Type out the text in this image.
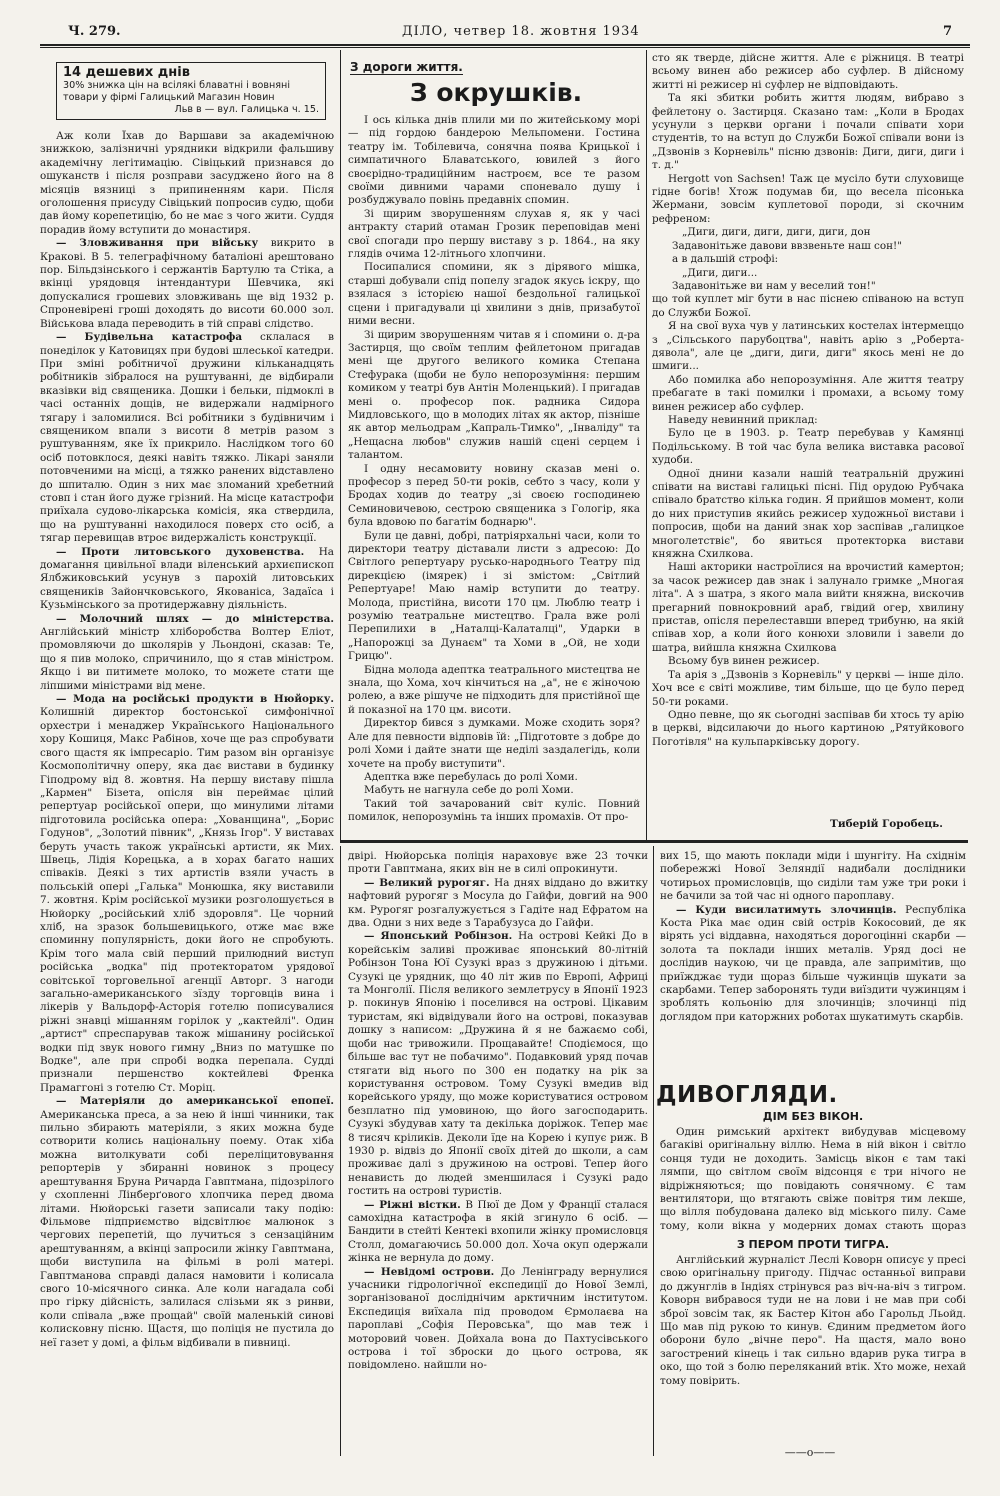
Ч. 279.	ДІЛО, четвер 18. жовтня 1934	7
14 дешевих днів
30% знижка цін на всілякі блаватні і вовняні
товари у фірмі Галицький Магазин Новин
Льв в — вул. Галицька ч. 15.

Аж коли Їхав до Варшави за академічною знижкою, залізничні урядники відкрили фальшиву академічну легітимацію. Сівіцький признався до ошуканств і після розправи засуджено його на 8 місяців вязниці з припиненням кари. Після оголошення присуду Сівіцький попросив судю, щоби дав йому корепетицію, бо не має з чого жити. Суддя порадив йому вступити до монастиря.

— Зловживання при війську викрито в Кракові. В 5. телеграфічному баталіоні арештовано пор. Більдзінського і сержантів Бартулю та Стіка, а вкінці урядовця інтендантури Шевчика, які допускалися грошевих зловживань ще від 1932 р. Спроневірені гроші доходять до висоти 60.000 зол. Військова влада переводить в тій справі слідство.

— Будівельна катастрофа склалася в понеділок у Катовицях при будові шлеської катедри. При зміні робітничої дружини кільканадцять робітників зібралося на руштуванні, де відбирали вказівки від священика. Дошки і бельки, підмоклі в часі останніх дощів, не видержали надмірного тягару і заломилися. Всі робітники з будівничим і священиком впали з висоти 8 метрів разом з руштуванням, яке їх прикрило. Наслідком того 60 осіб потовклося, деякі навіть тяжко. Лікарі заняли потовченими на місці, а тяжко ранених відставлено до шпиталю. Один з них має зломаний хребетний стовп і стан його дуже грізний. На місце катастрофи приїхала судово-лікарська комісія, яка ствердила, що на руштуванні находилося поверх сто осіб, а тягар перевищав втроє видержалість конструкції.

— Проти литовського духовенства. На домагання цивільної влади віленський архиєпископ Ялбжиковський усунув з парохій литовських священиків Зайончковського, Якованіса, Задаїса і Кузьмінського за протидержавну діяльність.

— Молочний шлях — до міністерства. Англійський міністр хліборобства Волтер Еліот, промовляючи до школярів у Льондоні, сказав: Те, що я пив молоко, спричинило, що я став міністром. Якщо і ви питимете молоко, то можете стати ще ліпшими міністрами від мене.

— Мода на російські продукти в Нюйорку. Колишній директор бостонської симфонічної орхестри і менаджер Українського Національного хору Кошиця, Макс Рабінов, хоче ще раз спробувати свого щастя як імпресаріо. Тим разом він організує Космополітичну оперу, яка дає вистави в будинку Гіподрому від 8. жовтня. На першу виставу пішла „Кармен" Бізета, опісля він переймає цілий репертуар російської опери, що минулими літами підготовила російська опера: „Хованщина", „Борис Годунов", „Золотий півник", „Князь Ігор". У виставах беруть участь також українські артисти, як Мих. Швець, Лідія Корецька, а в хорах багато наших співаків. Деякі з тих артистів взяли участь в польській опері „Галька" Монюшка, яку виставили 7. жовтня. Крім російської музики розголошується в Нюйорку „російський хліб здоровля". Це чорний хліб, на зразок большевицького, отже має вже споминну популярність, доки його не спробують. Крім того мала свій перший прилюдний виступ російська „водка" під протекторатом урядової совітської торговельної агенції Авторг. З нагоди загально-американського зїзду торговців вина і лікерів у Вальдорф-Асторія готелю пописувалися ріжні знавці мішанням горілок у „кактейлі". Один „артист" спреспарував також мішанину російської водки під звук нового гимну „Вниз по матушке по Водке", але при спробі водка перепала. Судді признали першенство коктейлеві Френка Прамаггоні з готелю Ст. Моріц.

— Матеріяли до американської епопеї. Американська преса, а за нею й інші чинники, так пильно збирають матеріяли, з яких можна буде сотворити колись національну поему. Отак хіба можна витолкувати собі переліцитовування репортерів у збиранні новинок з процесу арештування Бруна Ричарда Гавптмана, підозрілого у схопленні Лінберґового хлопчика перед двома літами. Нюйорські газети записали таку подію: Фільмове підприємство відсвітлює малюнок з чергових перепетій, що лучиться з сензаційним арештуванням, а вкінці запросили жінку Гавптмана, щоби виступила на фільмі в ролі матері. Гавптманова справді далася намовити і колисала свого 10-місячного синка. Але коли нагадала собі про гірку дійсність, залилася слізьми як з ринви, коли співала „вже прощай" своїй маленькій синові колисковну пісню. Щастя, що поліція не пустила до неї газет у домі, а фільм відбивали в пивниці.

З дороги життя.
З окрушків.

І ось кілька днів плили ми по житейському морі — під гордою бандерою Мельпомени. Гостина театру ім. Тобілевича, сонячна поява Крицької і симпатичного Блаватського, ювилей з його своєрідно-традиційним настроєм, все те разом своїми дивними чарами споневало душу і розбуджувало повінь предавніх спомин.

Зі щирим зворушенням слухав я, як у часі антракту старий отаман Грозик переповідав мені свої спогади про першу виставу з р. 1864., на яку глядів очима 12-літнього хлопчини.

Посипалися спомини, як з дірявого мішка, старші добували спід попелу згадок якусь іскру, що взялася з історією нашої бездольної галицької сцени і пригадували ці хвилини з днів, призабутої ними весни.

Зі щирим зворушенням читав я і спомини о. д-ра Застирця, що своїм теплим фейлетоном пригадав мені ще другого великого комика Степана Стефурака (щоби не було непорозуміння: першим комиком у театрі був Антін Моленцький). І пригадав мені о. професор пок. радника Сидора Мидловського, що в молодих літах як актор, пізніше як автор мельодрам „Капраль-Тимко", „Інваліду" та „Нещасна любов" служив нашій сцені серцем і талантом.

І одну несамовиту новину сказав мені о. професор з перед 50-ти років, себто з часу, коли у Бродах ходив до театру „зі своєю господинею Семиновичевою, сестрою священика з Гологір, яка була вдовою по багатім боднарю".

Були це давні, добрі, патріярхальні часи, коли то директори театру діставали листи з адресою: До Світлого репертуару русько-народнього Театру під дирекцією (імярек) і зі змістом: „Світлий Репертуаре! Маю намір вступити до театру. Молода, пристійна, висоти 170 цм. Люблю театр і розумію театральне мистецтво. Грала вже ролі Перепилихи в „Наталці-Калаталці", Ударки в „Напорожці за Дунаєм" та Хоми в „Ой, не ходи Грицю".

Бідна молода адептка театрального мистецтва не знала, що Хома, хоч кінчиться на „а", не є жіночою ролею, а вже рішуче не підходить для пристійної ще й показної на 170 цм. висоти.

Директор бився з думками. Може сходить зоря? Але для певности відповів їй: „Підготовте з добре до ролі Хоми і дайте знати ще неділі заздалегідь, коли хочете на пробу виступити".

Адептка вже перебулась до ролі Хоми.

Мабуть не нагнула себе до ролі Хоми.

Такий той зачарований світ куліс. Повний помилок, непорозумінь та інших промахів. От про-

сто як тверде, дійсне життя. Але є ріжниця. В театрі всьому винен або режисер або суфлер. В дійсному житті ні режисер ні суфлер не відповідають.

Та які збитки робить життя людям, вибраво з фейлетону о. Застирця. Сказано там: „Коли в Бродах усунули з церкви органи і почали співати хори студентів, то на вступ до Служби Божої співали вони із „Дзвонів з Корневіль" пісню дзвонів: Диги, диги, диги і т. д."

Hergott von Sachsen! Таж це мусіло бути слуховище гідне богів! Хтож подумав би, що весела пісонька Жермани, зовсім куплетової породи, зі скочним рефреном:

„Диги, диги, диги, диги, диги, дон

Задавонітьже давови ввзвеньте наш сон!"

а в дальшій строфі:

„Диги, диги...

Задавонітьже ви нам у веселий тон!"

що той куплет міг бути в нас піснею співаною на вступ до Служби Божої.

Я на свої вуха чув у латинських костелах інтермеццо з „Сільського парубоцтва", навіть арію з „Роберта-дявола", але це „диги, диги, диги" якось мені не до шмиги...

Або помилка або непорозуміння. Але життя театру пребагате в такі помилки і промахи, а всьому тому винен режисер або суфлер.

Наведу невинний приклад:

Було це в 1903. р. Театр перебував у Камянці Подільському. В той час була велика виставка расової худоби.

Одної днини казали нашій театральній дружині співати на виставі галицькі пісні. Під орудою Рубчака співало братство кілька годин. Я прийшов момент, коли до них приступив якийсь режисер художньої вистави і попросив, щоби на даний знак хор заспівав „галицкое многолетствіє", бо явиться протекторка вистави княжна Схилкова.

Наші акторики настроїлися на врочистий камертон; за часок режисер дав знак і залунало гримке „Многая літа". А з шатра, з якого мала вийти княжна, вискочив прегарний повнокровний араб, гвідий огер, хвилину пристав, опісля перелеставши вперед трибуню, на якій співав хор, а коли його конюхи зловили і завели до шатра, вийшла княжна Схилкова

Всьому був винен режисер.

Та арія з „Дзвонів з Корневіль" у церкві — інше діло. Хоч все є світі можливе, тим більше, що це було перед 50-ти роками.

Одно певне, що як сьогодні заспівав би хтось ту арію в церкві, відсилаючи до нього картиною „Рятуйкового Поготівля" на кульпарківську дорогу.

Тиберій Горобець.

двірі. Нюйорська поліція нараховує вже 23 точки проти Гавптмана, яких він не в силі опрокинути.

— Великий рурогяг. На днях віддано до вжитку нафтовий рурогяг з Мосула до Гайфи, довгий на 900 км. Рурогяг розгалужується з Гадіте над Ефратом на два. Одни з них веде з Тарабузуса до Гайфи.

— Японський Робінзон. На острові Кейкі До в корейськім заливі проживає японський 80-літній Робінзон Тона Юї Сузукі враз з дружиною і дітьми. Сузукі це урядник, що 40 літ жив по Европі, Африці та Монголії. Після великого землетрусу в Японії 1923 р. покинув Японію і поселився на острові. Цікавим туристам, які відвідували його на острові, показував дошку з написом: „Дружина й я не бажаємо собі, щоби нас тривожили. Прощавайте! Сподіємося, що більше вас тут не побачимо". Подавковий уряд почав стягати від нього по 300 ен податку на рік за користування островом. Тому Сузукі вмедив від корейського уряду, що може користуватися островом безплатно під умовиною, що його загосподарить. Сузукі збудував хату та декілька доріжок. Тепер має 8 тисяч кріликів. Деколи їде на Корею і купує риж. В 1930 р. відвіз до Японії своїх дітей до школи, а сам проживає далі з дружиною на острові. Тепер його ненависть до людей зменшилася і Сузукі радо гостить на острові туристів.

— Ріжні вістки. В Пюї де Дом у Франції сталася самохідна катастрофа в якій згинуло 6 осіб. — Бандити в стейті Кентекі вхопили жінку промисловця Столл, домагаючись 50.000 дол. Хоча окуп одержали жінка не вернула до дому.

— Невідомі острови. До Ленінграду вернулися учасники гідрологічної експедиції до Нової Землі, зорганізованої досліднічим арктичним інститутом. Експедиція виїхала під проводом Єрмолаєва на пароплаві „Софія Перовська", що мав теж і моторовий човен. Дойхала вона до Пахтусівського острова і тої зброски до цього острова, як повідомлено. найшли но-

вих 15, що мають поклади міди і шунгіту. На східнім побережжі Нової Зеляндії надибали дослідники чотирьох промисловців, що сиділи там уже три роки і не бачили за той час ні одного пароплаву.

— Куди висилатимуть злочинців. Республіка Коста Ріка має один свій острів Кокосовий, де як вірять усі віддавна, находяться дорогоцінні скарби — золота та поклади інших металів. Уряд досі не дослідив наукою, чи це правда, але запримітив, що приїжджає туди щораз більше чужинців шукати за скарбами. Тепер заборонять туди виїздити чужинцям і зроблять кольонію для злочинців; злочинці під доглядом при каторжних роботах шукатимуть скарбів.

ДИВОГЛЯДИ.
ДІМ БЕЗ ВІКОН.

Один римський архітект вибудував місцевому багаківі оригінальну віллю. Нема в ній вікон і світло сонця туди не доходить. Замісць вікон є там такі лямпи, що світлом своїм відсонця є три нічого не відріжняються; що повідають сонячному. Є там вентилятори, що втягають свіже повітря тим лекше, що вілля побудована далеко від міського пилу. Саме тому, коли вікна у модерних домах стають щораз

З ПЕРОМ ПРОТИ ТИГРА.

Англійський журналіст Леслі Коворн описує у пресі свою оригінальну пригоду. Підчас останньої виправи до джунглів в Індіях стрінувся раз віч-на-віч з тигром. Коворн вибравося туди не на лови і не мав при собі зброї зовсім так, як Бастер Кітон або Гарольд Льойд. Що мав під рукою то кинув. Єдиним предметом його оборони було „вічне перо". На щастя, мало воно загострений кінець і так сильно вдарив рука тигра в око, що той з болю переляканий втік. Хто може, нехай тому повірить.

——o——
